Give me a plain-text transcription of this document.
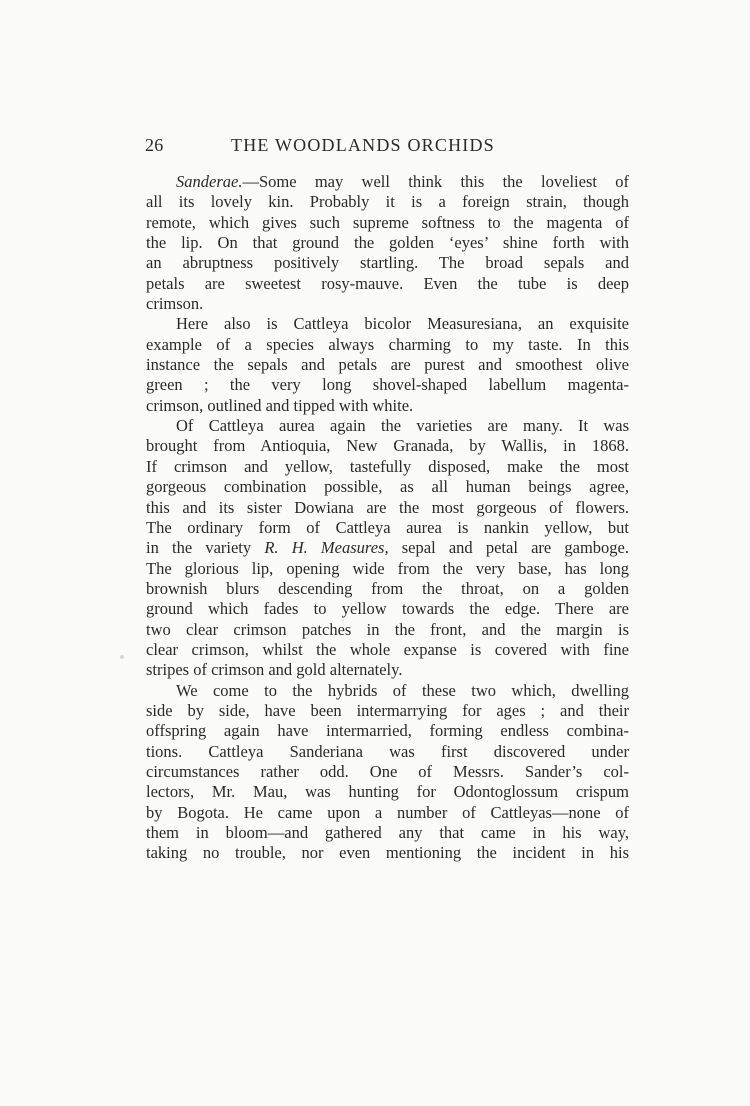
26	THE WOODLANDS ORCHIDS
Sanderae.—Some may well think this the loveliest of
all its lovely kin. Probably it is a foreign strain, though
remote, which gives such supreme softness to the magenta of
the lip. On that ground the golden ‘eyes’ shine forth with
an abruptness positively startling. The broad sepals and
petals are sweetest rosy-mauve. Even the tube is deep
crimson.
Here also is Cattleya bicolor Measuresiana, an exquisite
example of a species always charming to my taste. In this
instance the sepals and petals are purest and smoothest olive
green ; the very long shovel-shaped labellum magenta-
crimson, outlined and tipped with white.
Of Cattleya aurea again the varieties are many. It was
brought from Antioquia, New Granada, by Wallis, in 1868.
If crimson and yellow, tastefully disposed, make the most
gorgeous combination possible, as all human beings agree,
this and its sister Dowiana are the most gorgeous of flowers.
The ordinary form of Cattleya aurea is nankin yellow, but
in the variety R. H. Measures, sepal and petal are gamboge.
The glorious lip, opening wide from the very base, has long
brownish blurs descending from the throat, on a golden
ground which fades to yellow towards the edge. There are
two clear crimson patches in the front, and the margin is
clear crimson, whilst the whole expanse is covered with fine
stripes of crimson and gold alternately.
We come to the hybrids of these two which, dwelling
side by side, have been intermarrying for ages ; and their
offspring again have intermarried, forming endless combina-
tions. Cattleya Sanderiana was first discovered under
circumstances rather odd. One of Messrs. Sander’s col-
lectors, Mr. Mau, was hunting for Odontoglossum crispum
by Bogota. He came upon a number of Cattleyas—none of
them in bloom—and gathered any that came in his way,
taking no trouble, nor even mentioning the incident in his
